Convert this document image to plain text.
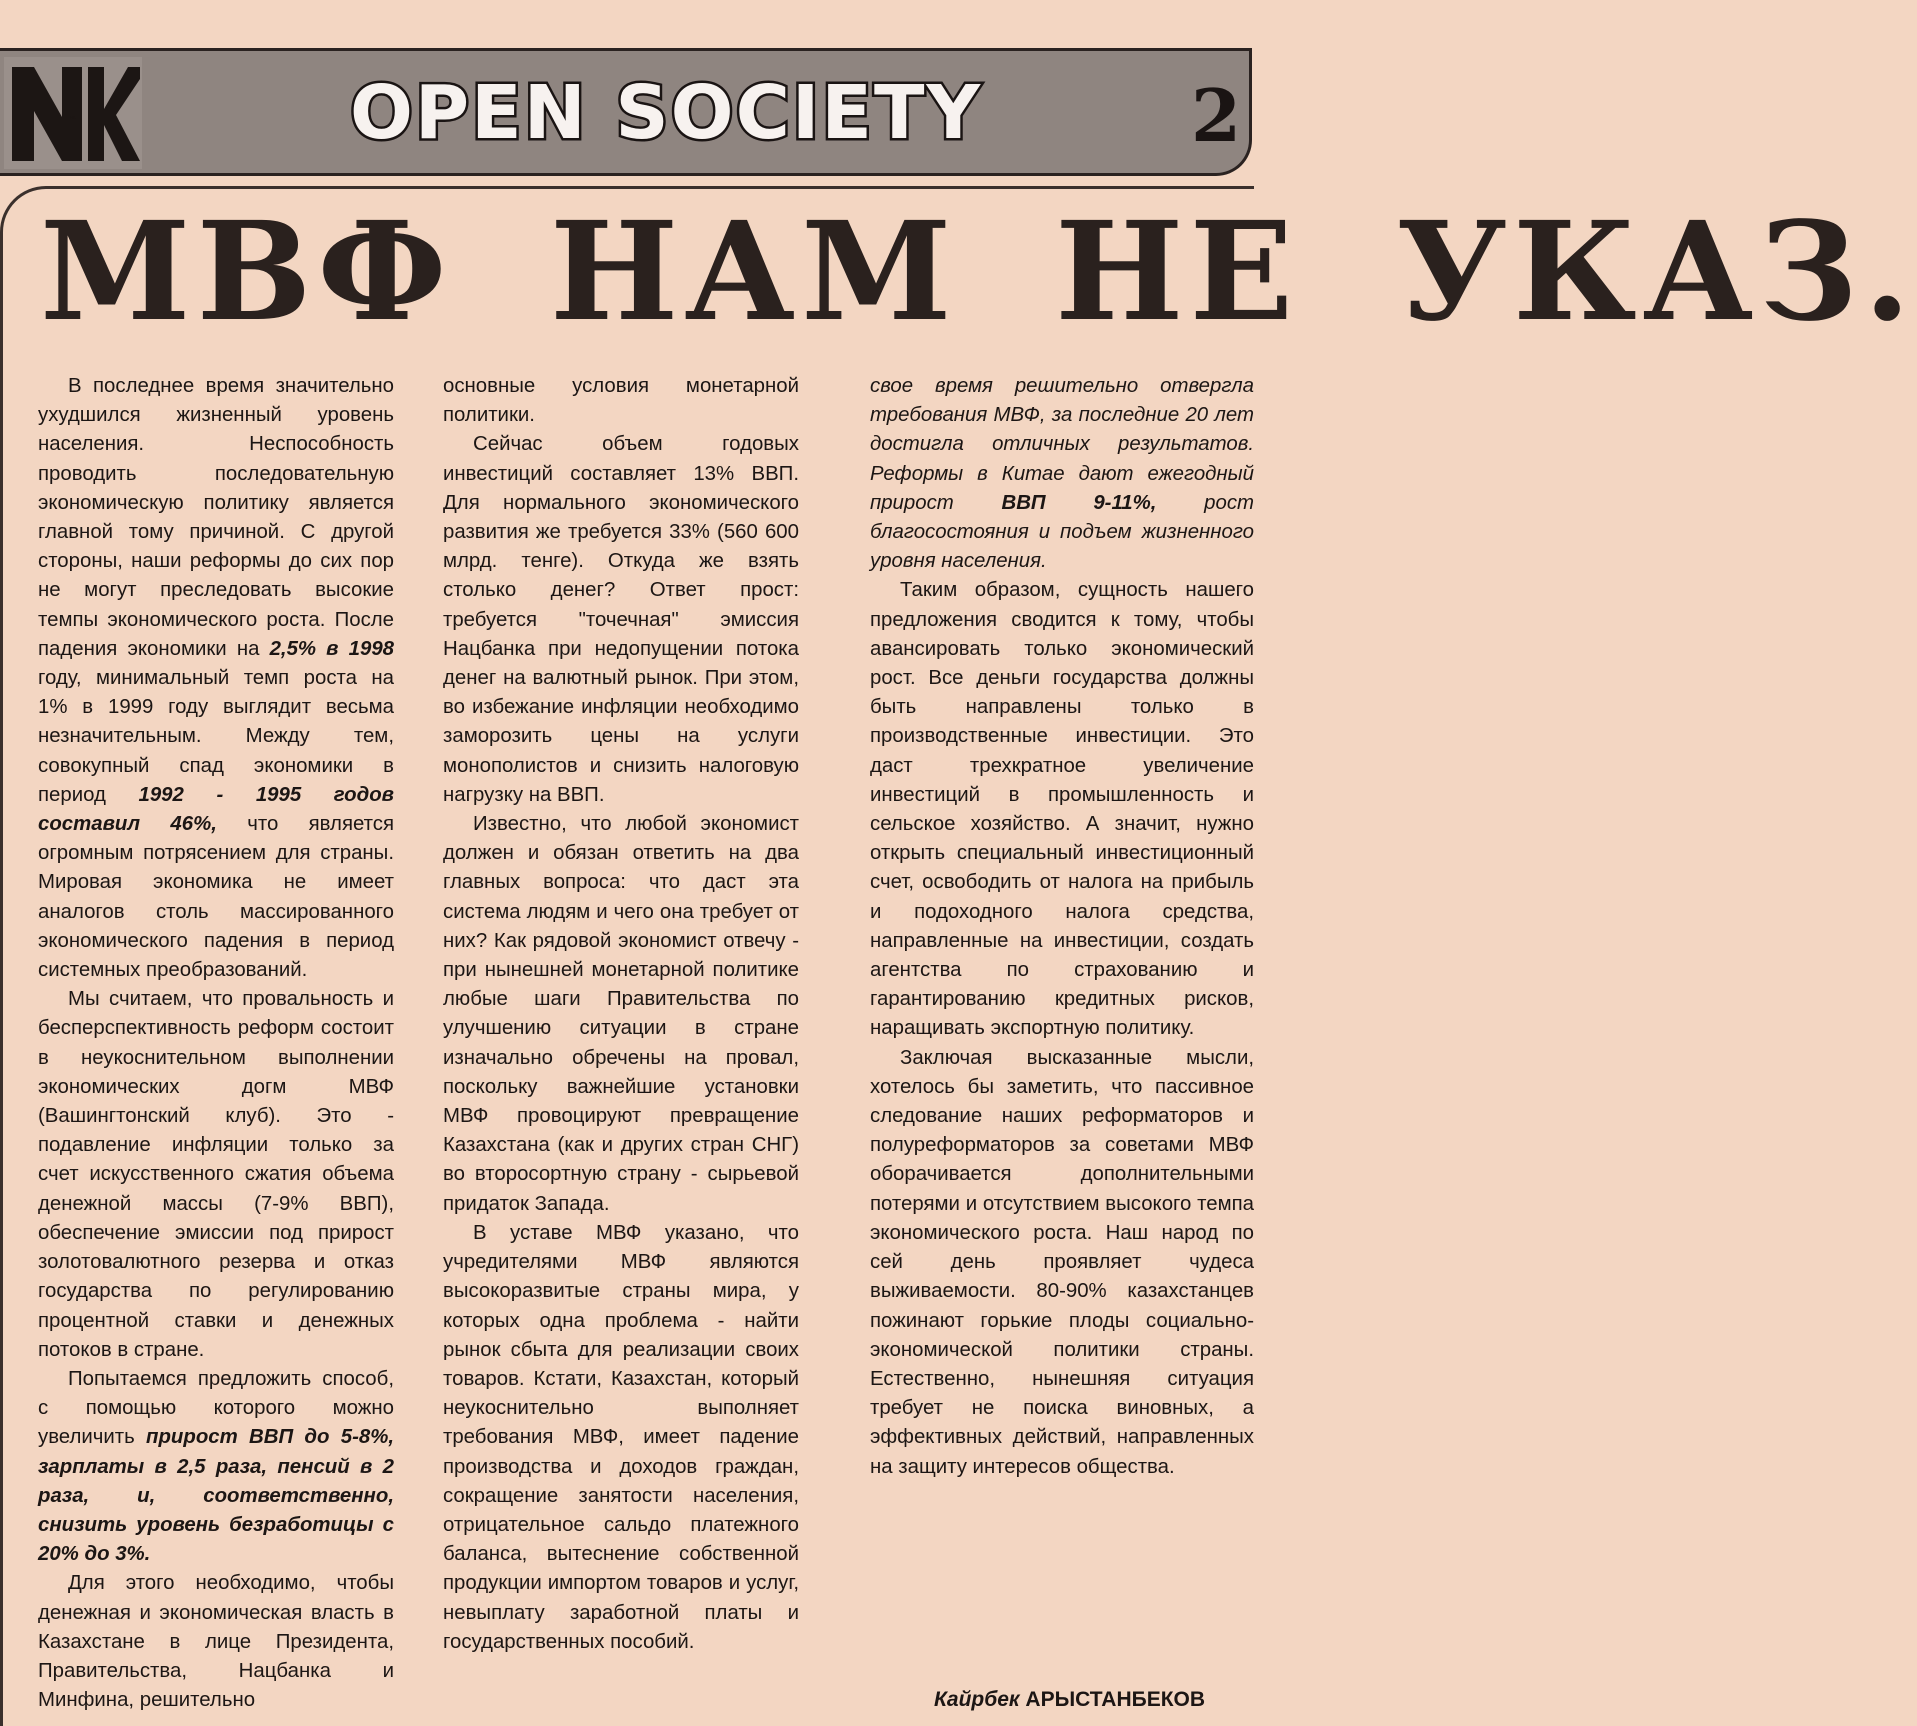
MK	OPEN SOCIETY	2
МВФ НАМ НЕ УКАЗ.

В последнее время значительно ухудшился жизненный уровень населения. Неспособность проводить последовательную экономическую политику является главной тому причиной. С другой стороны, наши реформы до сих пор не могут преследовать высокие темпы экономического роста. После падения экономики на 2,5% в 1998 году, минимальный темп роста на 1% в 1999 году выглядит весьма незначительным. Между тем, совокупный спад экономики в период 1992 - 1995 годов составил 46%, что является огромным потрясением для страны. Мировая экономика не имеет аналогов столь массированного экономического падения в период системных преобразований.

Мы считаем, что провальность и бесперспективность реформ состоит в неукоснительном выполнении экономических догм МВФ (Вашингтонский клуб). Это - подавление инфляции только за счет искусственного сжатия объема денежной массы (7-9% ВВП), обеспечение эмиссии под прирост золотовалютного резерва и отказ государства по регулированию процентной ставки и денежных потоков в стране.

Попытаемся предложить способ, с помощью которого можно увеличить прирост ВВП до 5-8%, зарплаты в 2,5 раза, пенсий в 2 раза, и, соответственно, снизить уровень безработицы с 20% до 3%.

Для этого необходимо, чтобы денежная и экономическая власть в Казахстане в лице Президента, Правительства, Нацбанка и Минфина, решительно

основные условия монетарной политики.

Сейчас объем годовых инвестиций составляет 13% ВВП. Для нормального экономического развития же требуется 33% (560 600 млрд. тенге). Откуда же взять столько денег? Ответ прост: требуется "точечная" эмиссия Нацбанка при недопущении потока денег на валютный рынок. При этом, во избежание инфляции необходимо заморозить цены на услуги монополистов и снизить налоговую нагрузку на ВВП.

Известно, что любой экономист должен и обязан ответить на два главных вопроса: что даст эта система людям и чего она требует от них? Как рядовой экономист отвечу - при нынешней монетарной политике любые шаги Правительства по улучшению ситуации в стране изначально обречены на провал, поскольку важнейшие установки МВФ провоцируют превращение Казахстана (как и других стран СНГ) во второсортную страну - сырьевой придаток Запада.

В уставе МВФ указано, что учредителями МВФ являются высокоразвитые страны мира, у которых одна проблема - найти рынок сбыта для реализации своих товаров. Кстати, Казахстан, который неукоснительно выполняет требования МВФ, имеет падение производства и доходов граждан, сокращение занятости населения, отрицательное сальдо платежного баланса, вытеснение собственной продукции импортом товаров и услуг, невыплату заработной платы и государственных пособий.

свое время решительно отвергла требования МВФ, за последние 20 лет достигла отличных результатов. Реформы в Китае дают ежегодный прирост ВВП 9-11%, рост благосостояния и подъем жизненного уровня населения.

Таким образом, сущность нашего предложения сводится к тому, чтобы авансировать только экономический рост. Все деньги государства должны быть направлены только в производственные инвестиции. Это даст трехкратное увеличение инвестиций в промышленность и сельское хозяйство. А значит, нужно открыть специальный инвестиционный счет, освободить от налога на прибыль и подоходного налога средства, направленные на инвестиции, создать агентства по страхованию и гарантированию кредитных рисков, наращивать экспортную политику.

Заключая высказанные мысли, хотелось бы заметить, что пассивное следование наших реформаторов и полуреформаторов за советами МВФ оборачивается дополнительными потерями и отсутствием высокого темпа экономического роста. Наш народ по сей день проявляет чудеса выживаемости. 80-90% казахстанцев пожинают горькие плоды социально-экономической политики страны. Естественно, нынешняя ситуация требует не поиска виновных, а эффективных действий, направленных на защиту интересов общества.

Кайрбек АРЫСТАНБЕКОВ
